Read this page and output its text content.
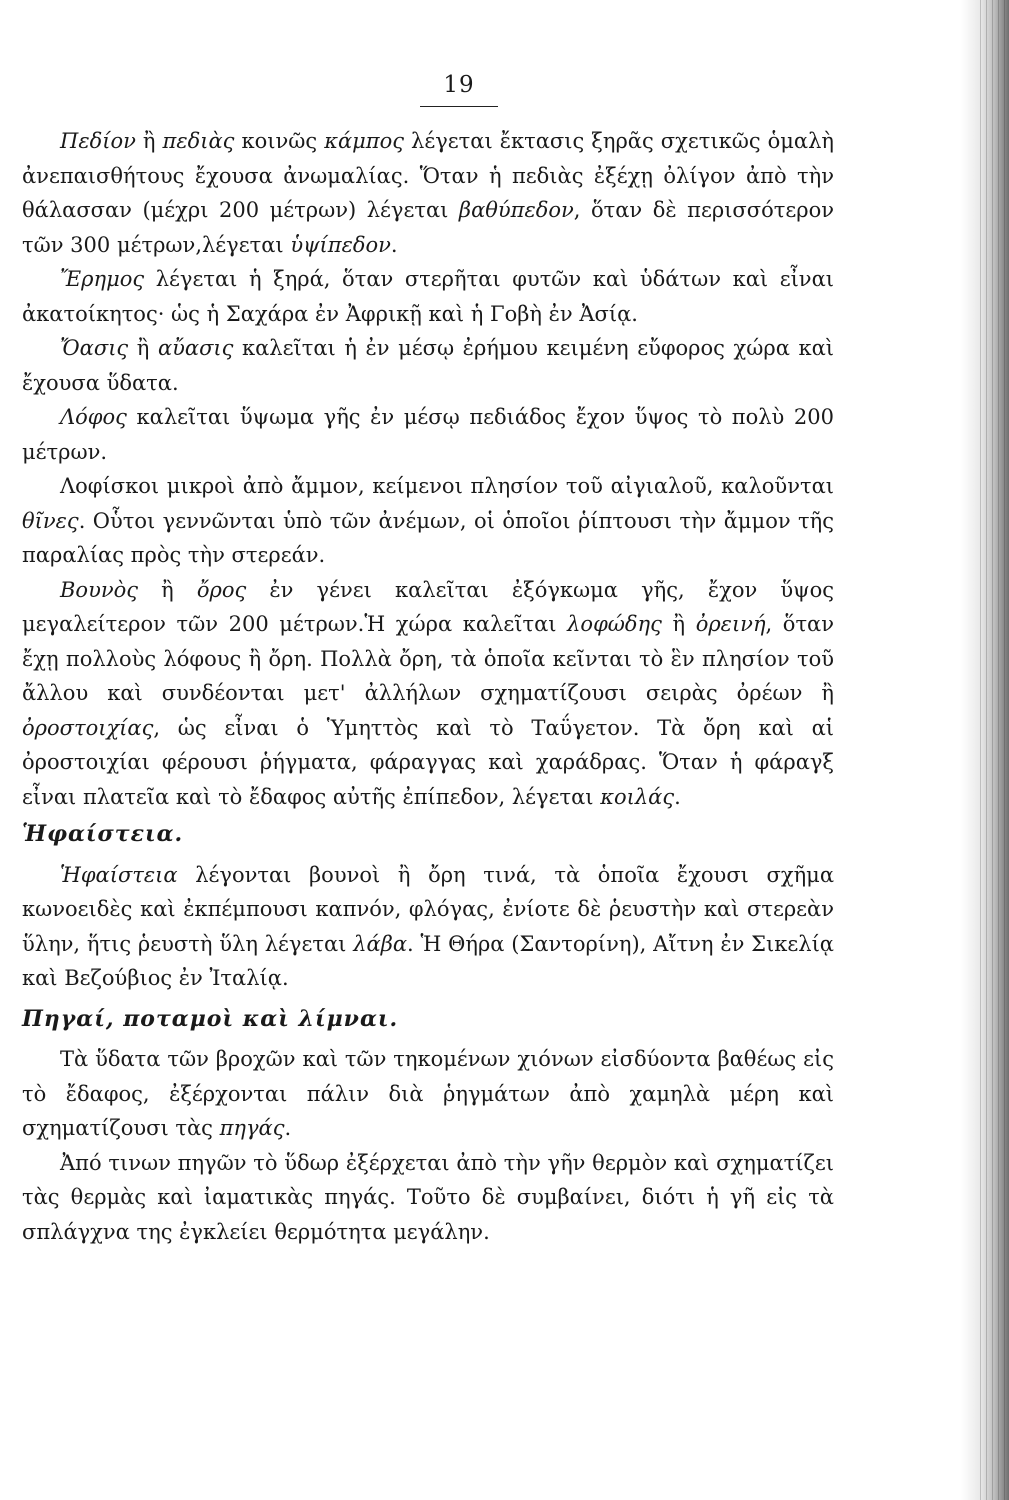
19

Πεδίον ἢ πεδιὰς κοινῶς κάμπος λέγεται ἔκτασις ξηρᾶς σχετικῶς ὁμαλὴ ἀνεπαισθήτους ἔχουσα ἀνωμαλίας. Ὅταν ἡ πεδιὰς ἐξέχῃ ὀλίγον ἀπὸ τὴν θάλασσαν (μέχρι 200 μέτρων) λέγεται βαθύπεδον, ὅταν δὲ περισσότερον τῶν 300 μέτρων,λέγεται ὑψίπεδον.

Ἔρημος λέγεται ἡ ξηρά, ὅταν στερῆται φυτῶν καὶ ὑδάτων καὶ εἶναι ἀκατοίκητος· ὡς ἡ Σαχάρα ἐν Ἀφρικῇ καὶ ἡ Γοβὴ ἐν Ἀσίᾳ.

Ὄασις ἢ αὔασις καλεῖται ἡ ἐν μέσῳ ἐρήμου κειμένη εὔφορος χώρα καὶ ἔχουσα ὕδατα.

Λόφος καλεῖται ὕψωμα γῆς ἐν μέσῳ πεδιάδος ἔχον ὕψος τὸ πολὺ 200 μέτρων.

Λοφίσκοι μικροὶ ἀπὸ ἄμμον, κείμενοι πλησίον τοῦ αἰγιαλοῦ, καλοῦνται θῖνες. Οὗτοι γεννῶνται ὑπὸ τῶν ἀνέμων, οἱ ὁποῖοι ῥίπτουσι τὴν ἄμμον τῆς παραλίας πρὸς τὴν στερεάν.

Βουνὸς ἢ ὄρος ἐν γένει καλεῖται ἐξόγκωμα γῆς, ἔχον ὕψος μεγαλείτερον τῶν 200 μέτρων.Ἡ χώρα καλεῖται λοφώδης ἢ ὀρεινή, ὅταν ἔχῃ πολλοὺς λόφους ἢ ὄρη. Πολλὰ ὄρη, τὰ ὁποῖα κεῖνται τὸ ἓν πλησίον τοῦ ἄλλου καὶ συνδέονται μετ' ἀλλήλων σχηματίζουσι σειρὰς ὀρέων ἢ ὀροστοιχίας, ὡς εἶναι ὁ Ὑμηττὸς καὶ τὸ Ταΰγετον. Τὰ ὄρη καὶ αἱ ὀροστοιχίαι φέρουσι ῥήγματα, φάραγγας καὶ χαράδρας. Ὅταν ἡ φάραγξ εἶναι πλατεῖα καὶ τὸ ἔδαφος αὐτῆς ἐπίπεδον, λέγεται κοιλάς.

Ἡφαίστεια.

Ἡφαίστεια λέγονται βουνοὶ ἢ ὄρη τινά, τὰ ὁποῖα ἔχουσι σχῆμα κωνοειδὲς καὶ ἐκπέμπουσι καπνόν, φλόγας, ἐνίοτε δὲ ῥευστὴν καὶ στερεὰν ὕλην, ἥτις ῥευστὴ ὕλη λέγεται λάβα. Ἡ Θήρα (Σαντορίνη), Αἴτνη ἐν Σικελίᾳ καὶ Βεζούβιος ἐν Ἰταλίᾳ.

Πηγαί, ποταμοὶ καὶ λίμναι.

Τὰ ὕδατα τῶν βροχῶν καὶ τῶν τηκομένων χιόνων εἰσδύοντα βαθέως εἰς τὸ ἔδαφος, ἐξέρχονται πάλιν διὰ ῥηγμάτων ἀπὸ χαμηλὰ μέρη καὶ σχηματίζουσι τὰς πηγάς.

Ἀπό τινων πηγῶν τὸ ὕδωρ ἐξέρχεται ἀπὸ τὴν γῆν θερμὸν καὶ σχηματίζει τὰς θερμὰς καὶ ἰαματικὰς πηγάς. Τοῦτο δὲ συμβαίνει, διότι ἡ γῆ εἰς τὰ σπλάγχνα της ἐγκλείει θερμότητα μεγάλην.
